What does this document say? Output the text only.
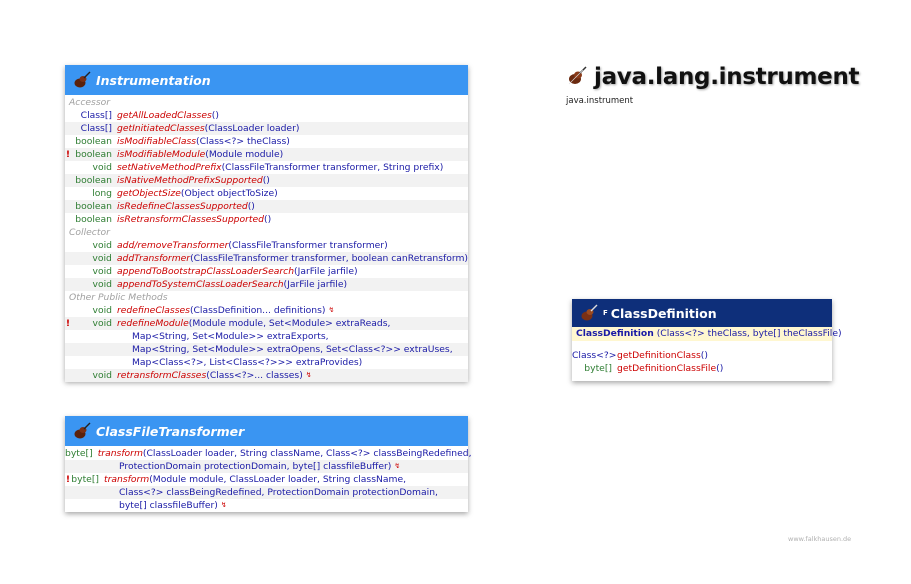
java.lang.instrument
java.instrument
Instrumentation
Accessor
Class[] getAllLoadedClasses ()
Class[] getInitiatedClasses (ClassLoader loader)
boolean isModifiableClass (Class<?> theClass)
! boolean isModifiableModule (Module module)
void setNativeMethodPrefix (ClassFileTransformer transformer, String prefix)
boolean isNativeMethodPrefixSupported ()
long getObjectSize (Object objectToSize)
boolean isRedefineClassesSupported ()
boolean isRetransformClassesSupported ()
Collector
void add/removeTransformer (ClassFileTransformer transformer)
void addTransformer (ClassFileTransformer transformer, boolean canRetransform)
void appendToBootstrapClassLoaderSearch (JarFile jarfile)
void appendToSystemClassLoaderSearch (JarFile jarfile)
Other Public Methods
void redefineClasses (ClassDefinition... definitions) ↯
!	void redefineModule (Module module, Set<Module> extraReads,
Map<String, Set<Module>> extraExports,
Map<String, Set<Module>> extraOpens, Set<Class<?>> extraUses,
Map<Class<?>, List<Class<?>>> extraProvides)
void retransformClasses (Class<?>... classes) ↯
ClassFileTransformer
byte[] transform (ClassLoader loader, String className, Class<?> classBeingRedefined,
ProtectionDomain protectionDomain, byte[] classfileBuffer) ↯
! byte[] transform (Module module, ClassLoader loader, String className,
Class<?> classBeingRedefined, ProtectionDomain protectionDomain,
byte[] classfileBuffer) ↯
F ClassDefinition
ClassDefinition (Class<?> theClass, byte[] theClassFile)
Class<?> getDefinitionClass ()
byte[] getDefinitionClassFile ()
www.falkhausen.de
